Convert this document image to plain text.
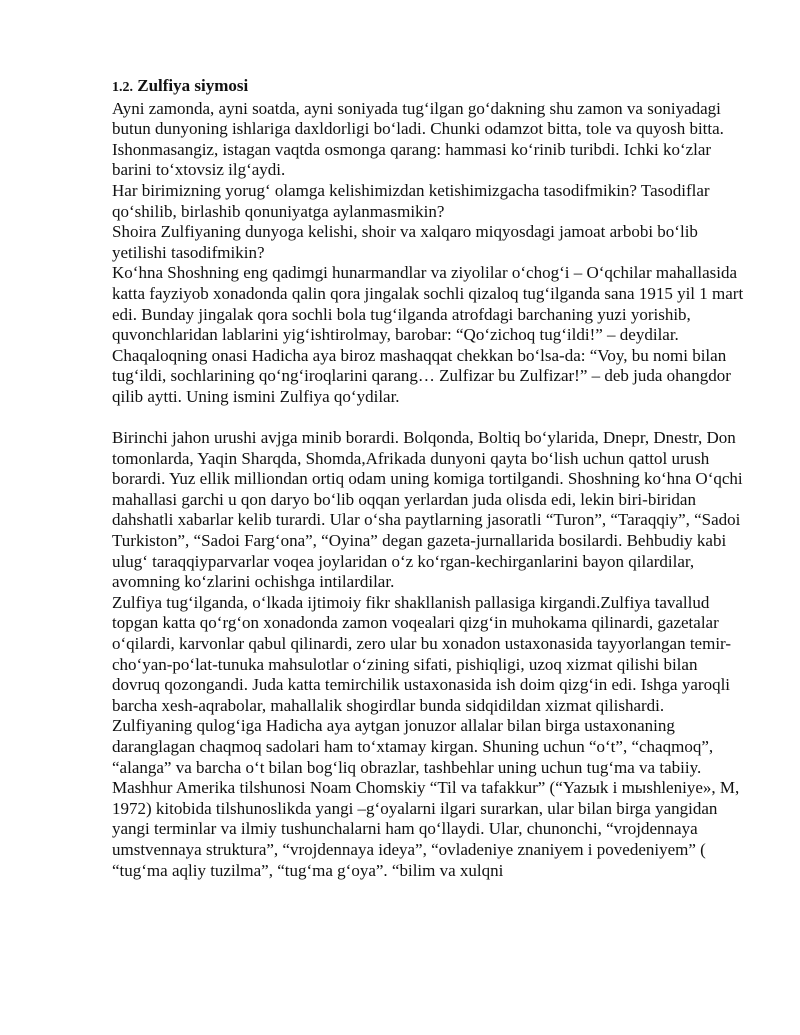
1.2. Zulfiya siymosi

Ayni zamonda, ayni soatda, ayni soniyada tug‘ilgan go‘dakning shu zamon va soniyadagi butun dunyoning ishlariga daxldorligi bo‘ladi. Chunki odamzot bitta, tole va quyosh bitta. Ishonmasangiz, istagan vaqtda osmonga qarang: hammasi ko‘rinib turibdi. Ichki ko‘zlar barini to‘xtovsiz ilg‘aydi.

Har birimizning yorug‘ olamga kelishimizdan ketishimizgacha tasodifmikin? Tasodiflar qo‘shilib, birlashib qonuniyatga aylanmasmikin?

Shoira Zulfiyaning dunyoga kelishi, shoir va xalqaro miqyosdagi jamoat arbobi bo‘lib yetilishi tasodifmikin?

Ko‘hna Shoshning eng qadimgi hunarmandlar va ziyolilar o‘chog‘i – O‘qchilar mahallasida katta fayziyob xonadonda qalin qora jingalak sochli qizaloq tug‘ilganda sana 1915 yil 1 mart edi. Bunday jingalak qora sochli bola tug‘ilganda atrofdagi barchaning yuzi yorishib, quvonchlaridan lablarini yig‘ishtirolmay, barobar: “Qo‘zichoq tug‘ildi!” – deydilar. Chaqaloqning onasi Hadicha aya biroz mashaqqat chekkan bo‘lsa-da: “Voy, bu nomi bilan tug‘ildi, sochlarining qo‘ng‘iroqlarini qarang… Zulfizar bu Zulfizar!” – deb juda ohangdor qilib aytti. Uning ismini Zulfiya qo‘ydilar.

Birinchi jahon urushi avjga minib borardi. Bolqonda, Boltiq bo‘ylarida, Dnepr, Dnestr, Don tomonlarda, Yaqin Sharqda, Shomda,Afrikada dunyoni qayta bo‘lish uchun qattol urush borardi. Yuz ellik milliondan ortiq odam uning komiga tortilgandi. Shoshning ko‘hna O‘qchi mahallasi garchi u qon daryo bo‘lib oqqan yerlardan juda olisda edi, lekin biri-biridan dahshatli xabarlar kelib turardi. Ular o‘sha paytlarning jasoratli “Turon”, “Taraqqiy”, “Sadoi Turkiston”, “Sadoi Farg‘ona”, “Oyina” degan gazeta-jurnallarida bosilardi. Behbudiy kabi ulug‘ taraqqiyparvarlar voqea joylaridan o‘z ko‘rgan-kechirganlarini bayon qilardilar, avomning ko‘zlarini ochishga intilardilar.

Zulfiya tug‘ilganda, o‘lkada ijtimoiy fikr shakllanish pallasiga kirgandi.Zulfiya tavallud topgan katta qo‘rg‘on xonadonda zamon voqealari qizg‘in muhokama qilinardi, gazetalar o‘qilardi, karvonlar qabul qilinardi, zero ular bu xonadon ustaxonasida tayyorlangan temir-cho‘yan-po‘lat-tunuka mahsulotlar o‘zining sifati, pishiqligi, uzoq xizmat qilishi bilan dovruq qozongandi. Juda katta temirchilik ustaxonasida ish doim qizg‘in edi. Ishga yaroqli barcha xesh-aqrabolar, mahallalik shogirdlar bunda sidqidildan xizmat qilishardi. Zulfiyaning qulog‘iga Hadicha aya aytgan jonuzor allalar bilan birga ustaxonaning daranglagan chaqmoq sadolari ham to‘xtamay kirgan. Shuning uchun “o‘t”, “chaqmoq”, “alanga” va barcha o‘t bilan bog‘liq obrazlar, tashbehlar uning uchun tug‘ma va tabiiy.

Mashhur Amerika tilshunosi Noam Chomskiy “Til va tafakkur” (“Yazыk i mыshleniye», M, 1972) kitobida tilshunoslikda yangi –g‘oyalarni ilgari surarkan, ular bilan birga yangidan yangi terminlar va ilmiy tushunchalarni ham qo‘llaydi. Ular, chunonchi, “vrojdennaya umstvennaya struktura”, “vrojdennaya ideya”, “ovladeniye znaniyem i povedeniyem” ( “tug‘ma aqliy tuzilma”, “tug‘ma g‘oya”. “bilim va xulqni
